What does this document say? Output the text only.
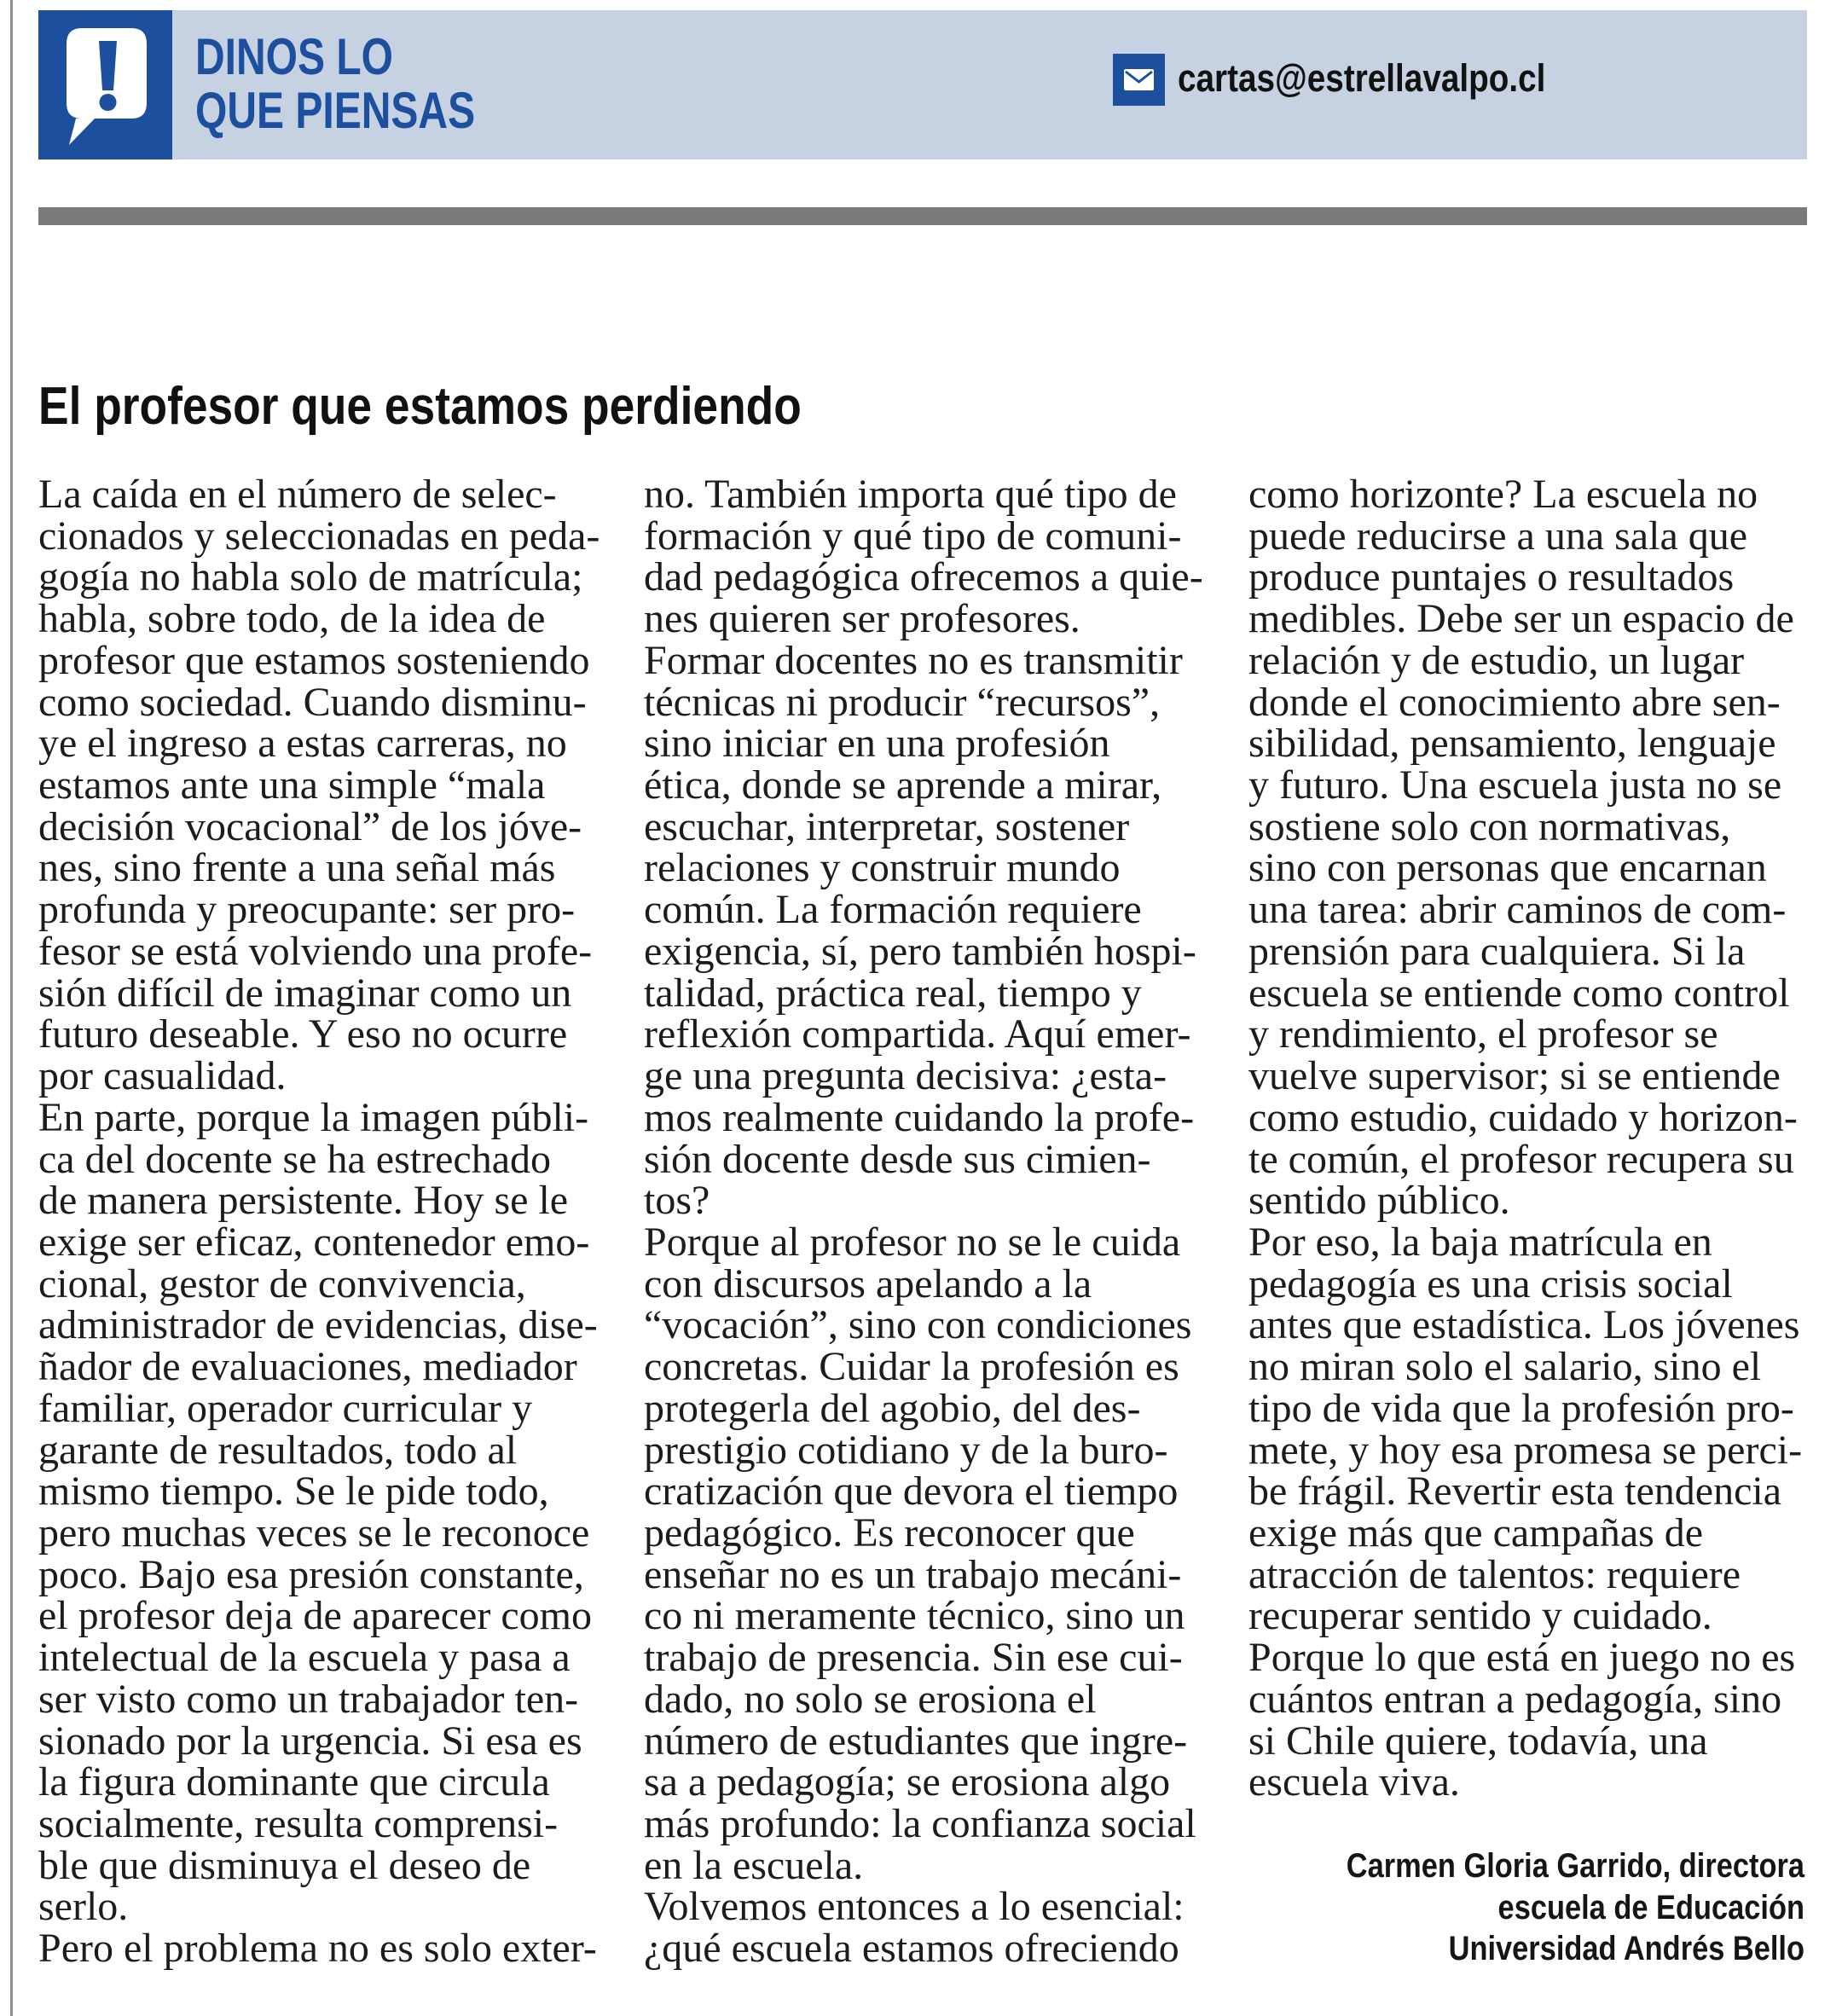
DINOS LO
QUE PIENSAS
cartas@estrellavalpo.cl
El profesor que estamos perdiendo
La caída en el número de selec-
cionados y seleccionadas en peda-
gogía no habla solo de matrícula;
habla, sobre todo, de la idea de
profesor que estamos sosteniendo
como sociedad. Cuando disminu-
ye el ingreso a estas carreras, no
estamos ante una simple “mala
decisión vocacional” de los jóve-
nes, sino frente a una señal más
profunda y preocupante: ser pro-
fesor se está volviendo una profe-
sión difícil de imaginar como un
futuro deseable. Y eso no ocurre
por casualidad.
En parte, porque la imagen públi-
ca del docente se ha estrechado
de manera persistente. Hoy se le
exige ser eficaz, contenedor emo-
cional, gestor de convivencia,
administrador de evidencias, dise-
ñador de evaluaciones, mediador
familiar, operador curricular y
garante de resultados, todo al
mismo tiempo. Se le pide todo,
pero muchas veces se le reconoce
poco. Bajo esa presión constante,
el profesor deja de aparecer como
intelectual de la escuela y pasa a
ser visto como un trabajador ten-
sionado por la urgencia. Si esa es
la figura dominante que circula
socialmente, resulta comprensi-
ble que disminuya el deseo de
serlo.
Pero el problema no es solo exter-
no. También importa qué tipo de
formación y qué tipo de comuni-
dad pedagógica ofrecemos a quie-
nes quieren ser profesores.
Formar docentes no es transmitir
técnicas ni producir “recursos”,
sino iniciar en una profesión
ética, donde se aprende a mirar,
escuchar, interpretar, sostener
relaciones y construir mundo
común. La formación requiere
exigencia, sí, pero también hospi-
talidad, práctica real, tiempo y
reflexión compartida. Aquí emer-
ge una pregunta decisiva: ¿esta-
mos realmente cuidando la profe-
sión docente desde sus cimien-
tos?
Porque al profesor no se le cuida
con discursos apelando a la
“vocación”, sino con condiciones
concretas. Cuidar la profesión es
protegerla del agobio, del des-
prestigio cotidiano y de la buro-
cratización que devora el tiempo
pedagógico. Es reconocer que
enseñar no es un trabajo mecáni-
co ni meramente técnico, sino un
trabajo de presencia. Sin ese cui-
dado, no solo se erosiona el
número de estudiantes que ingre-
sa a pedagogía; se erosiona algo
más profundo: la confianza social
en la escuela.
Volvemos entonces a lo esencial:
¿qué escuela estamos ofreciendo
como horizonte? La escuela no
puede reducirse a una sala que
produce puntajes o resultados
medibles. Debe ser un espacio de
relación y de estudio, un lugar
donde el conocimiento abre sen-
sibilidad, pensamiento, lenguaje
y futuro. Una escuela justa no se
sostiene solo con normativas,
sino con personas que encarnan
una tarea: abrir caminos de com-
prensión para cualquiera. Si la
escuela se entiende como control
y rendimiento, el profesor se
vuelve supervisor; si se entiende
como estudio, cuidado y horizon-
te común, el profesor recupera su
sentido público.
Por eso, la baja matrícula en
pedagogía es una crisis social
antes que estadística. Los jóvenes
no miran solo el salario, sino el
tipo de vida que la profesión pro-
mete, y hoy esa promesa se perci-
be frágil. Revertir esta tendencia
exige más que campañas de
atracción de talentos: requiere
recuperar sentido y cuidado.
Porque lo que está en juego no es
cuántos entran a pedagogía, sino
si Chile quiere, todavía, una
escuela viva.
Carmen Gloria Garrido, directora
escuela de Educación
Universidad Andrés Bello
